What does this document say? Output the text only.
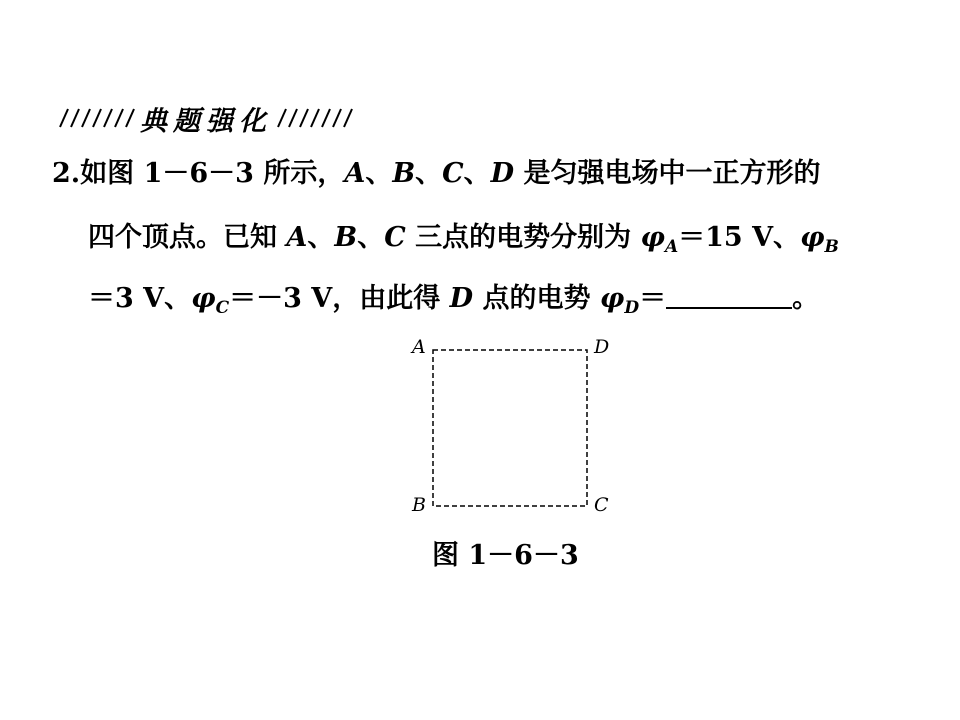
典题强化
2.如图 1－6－3 所示，A、B、C、D 是匀强电场中一正方形的
四个顶点。已知 A、B、C 三点的电势分别为 $\varphi_A=15$ V、$\varphi_B$
＝3 V、$\varphi_C=-3$ V，由此得 D 点的电势 $\varphi_D=$	。
A	D
B	C
图 1－6－3
